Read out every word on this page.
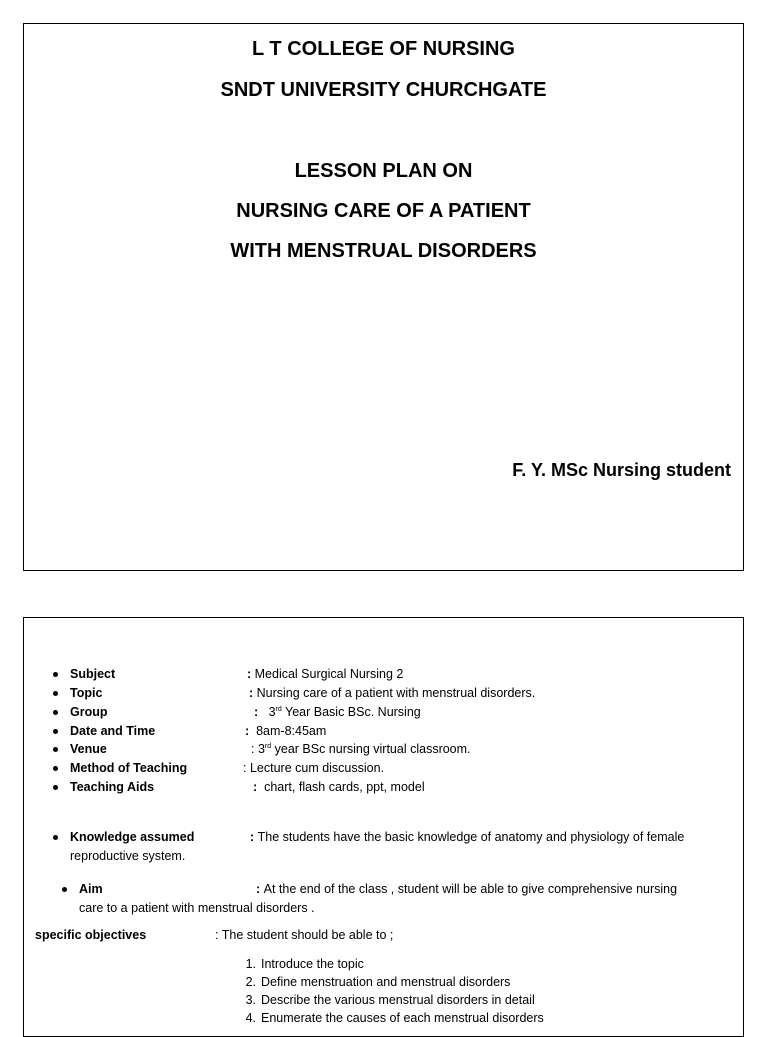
L T COLLEGE OF NURSING
SNDT UNIVERSITY CHURCHGATE
LESSON PLAN ON
NURSING CARE OF A PATIENT
WITH MENSTRUAL DISORDERS
F. Y. MSc Nursing student
Subject	: Medical Surgical Nursing 2
Topic	: Nursing care of a patient with menstrual disorders.
Group	:   3rd Year Basic BSc. Nursing
Date and Time	:  8am-8:45am
Venue	: 3rd year BSc nursing virtual classroom.
Method of Teaching	: Lecture cum discussion.
Teaching Aids	:  chart, flash cards, ppt, model
Knowledge assumed	: The students have the basic knowledge of anatomy and physiology of female
reproductive system.
Aim	: At the end of the class , student will be able to give comprehensive nursing
care to a patient with menstrual disorders .
specific objectives	: The student should be able to ;
1. Introduce the topic
2. Define menstruation and menstrual disorders
3. Describe the various menstrual disorders in detail
4. Enumerate the causes of each menstrual disorders
